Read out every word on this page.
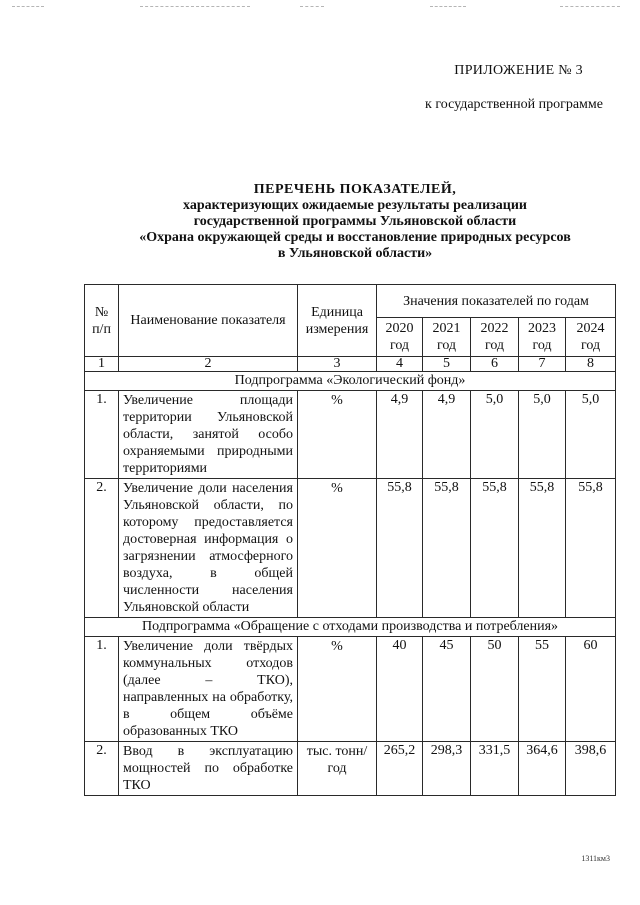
ПРИЛОЖЕНИЕ № 3
к государственной программе
ПЕРЕЧЕНЬ ПОКАЗАТЕЛЕЙ,
характеризующих ожидаемые результаты реализации
государственной программы Ульяновской области
«Охрана окружающей среды и восстановление природных ресурсов
в Ульяновской области»
№ п/п	Наименование показателя	Единица измерения	Значения показателей по годам				
			2020 год	2021 год	2022 год	2023 год	2024 год
1	2	3	4	5	6	7	8
Подпрограмма «Экологический фонд»							
1.	Увеличение площади территории Ульяновской области, занятой особо охраняемыми природными территориями	%	4,9	4,9	5,0	5,0	5,0
2.	Увеличение доли населения Ульяновской области, по которому предоставляется достоверная информация о загрязнении атмосферного воздуха, в общей численности населения Ульяновской области	%	55,8	55,8	55,8	55,8	55,8
Подпрограмма «Обращение с отходами производства и потребления»							
1.	Увеличение доли твёрдых коммунальных отходов (далее – ТКО), направленных на обработку, в общем объёме образованных ТКО	%	40	45	50	55	60
2.	Ввод в эксплуатацию мощностей по обработке ТКО	тыс. тонн/год	265,2	298,3	331,5	364,6	398,6
1311км3
